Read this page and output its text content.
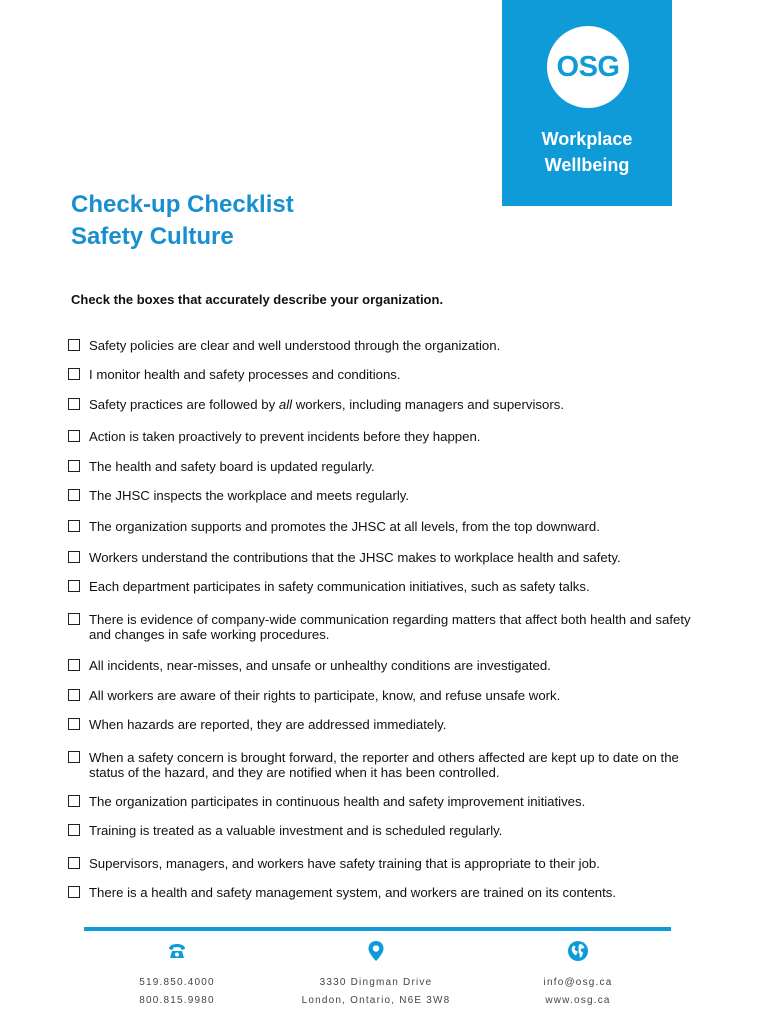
OSG
Workplace
Wellbeing
Check-up Checklist
Safety Culture
Check the boxes that accurately describe your organization.
Safety policies are clear and well understood through the organization.
I monitor health and safety processes and conditions.
Safety practices are followed by all workers, including managers and supervisors.
Action is taken proactively to prevent incidents before they happen.
The health and safety board is updated regularly.
The JHSC inspects the workplace and meets regularly.
The organization supports and promotes the JHSC at all levels, from the top downward.
Workers understand the contributions that the JHSC makes to workplace health and safety.
Each department participates in safety communication initiatives, such as safety talks.
There is evidence of company-wide communication regarding matters that affect both health and safety and changes in safe working procedures.
All incidents, near-misses, and unsafe or unhealthy conditions are investigated.
All workers are aware of their rights to participate, know, and refuse unsafe work.
When hazards are reported, they are addressed immediately.
When a safety concern is brought forward, the reporter and others affected are kept up to date on the status of the hazard, and they are notified when it has been controlled.
The organization participates in continuous health and safety improvement initiatives.
Training is treated as a valuable investment and is scheduled regularly.
Supervisors, managers, and workers have safety training that is appropriate to their job.
There is a health and safety management system, and workers are trained on its contents.
519.850.4000
800.815.9980
3330 Dingman Drive
London, Ontario, N6E 3W8
info@osg.ca
www.osg.ca
